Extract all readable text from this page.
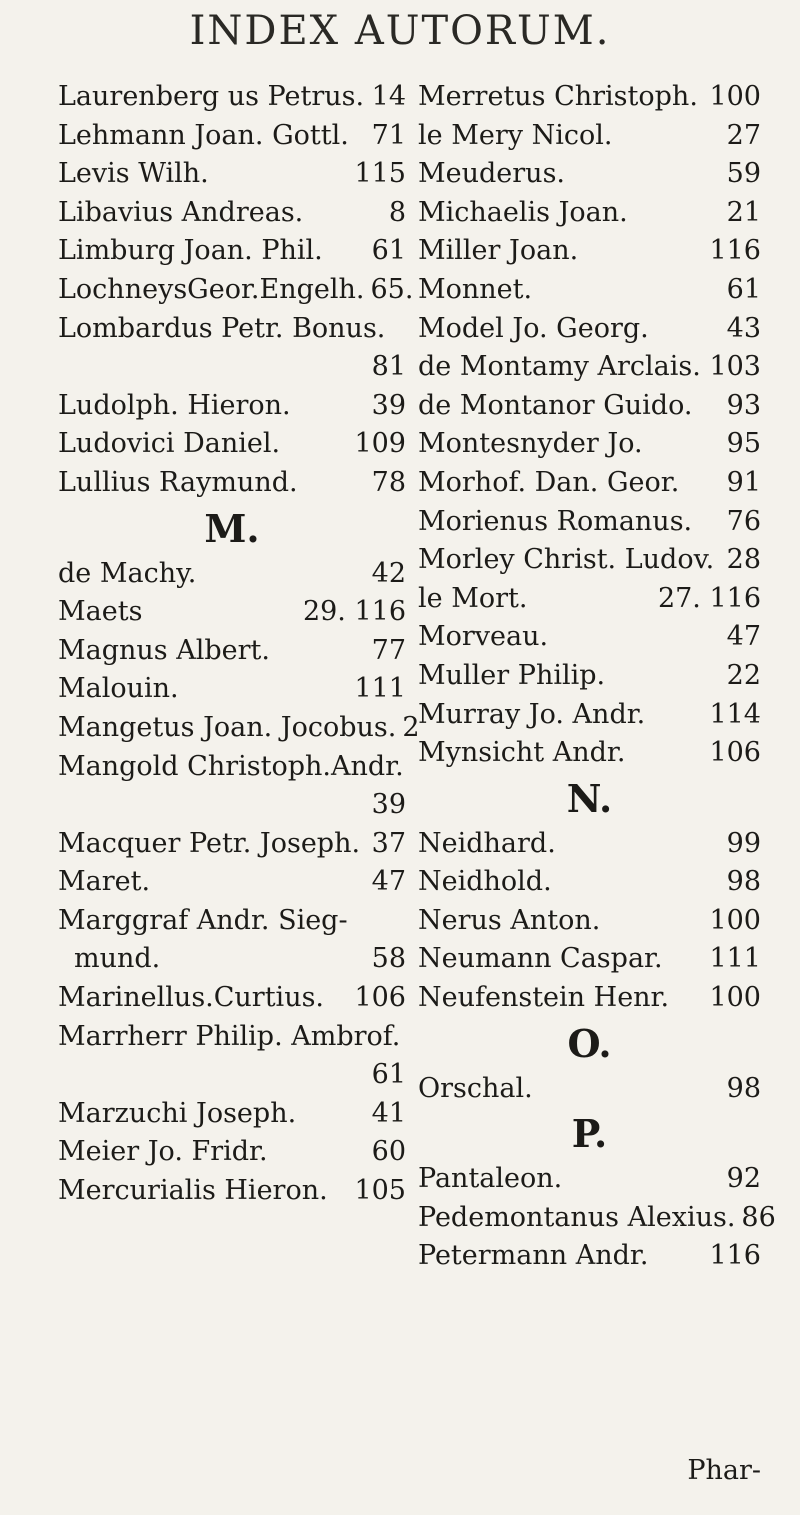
INDEX AUTORUM.
Laurenberg us Petrus. 14
Lehmann Joan. Gottl. 71
Levis Wilh.	115
Libavius Andreas.	8
Limburg Joan. Phil. 61
LochneysGeor.Engelh. 65.
Lombardus Petr. Bonus.
81
Ludolph. Hieron.	39
Ludovici Daniel.	109
Lullius Raymund.	78
M.
de Machy.	42
Maets	29. 116
Magnus Albert.	77
Malouin.	111
Mangetus Joan. Jocobus. 2
Mangold Christoph.Andr.
39
Macquer Petr. Joseph. 37
Maret.	47
Marggraf Andr. Sieg-
mund.	58
Marinellus.Curtius. 106
Marrherr Philip. Ambrof.
61
Marzuchi Joseph.	41
Meier Jo. Fridr.	60
Mercurialis Hieron. 105
Merretus Christoph. 100
le Mery Nicol.	27
Meuderus.	59
Michaelis Joan.	21
Miller Joan.	116
Monnet.	61
Model Jo. Georg.	43
de Montamy Arclais. 103
de Montanor Guido. 93
Montesnyder Jo.	95
Morhof. Dan. Geor. 91
Morienus Romanus. 76
Morley Christ. Ludov. 28
le Mort.	27. 116
Morveau.	47
Muller Philip.	22
Murray Jo. Andr. 114
Mynsicht Andr.	106
N.
Neidhard.	99
Neidhold.	98
Nerus Anton.	100
Neumann Caspar. 111
Neufenstein Henr. 100
O.
Orschal.	98
P.
Pantaleon.	92
Pedemontanus Alexius. 86
Petermann Andr. 116
Phar-
